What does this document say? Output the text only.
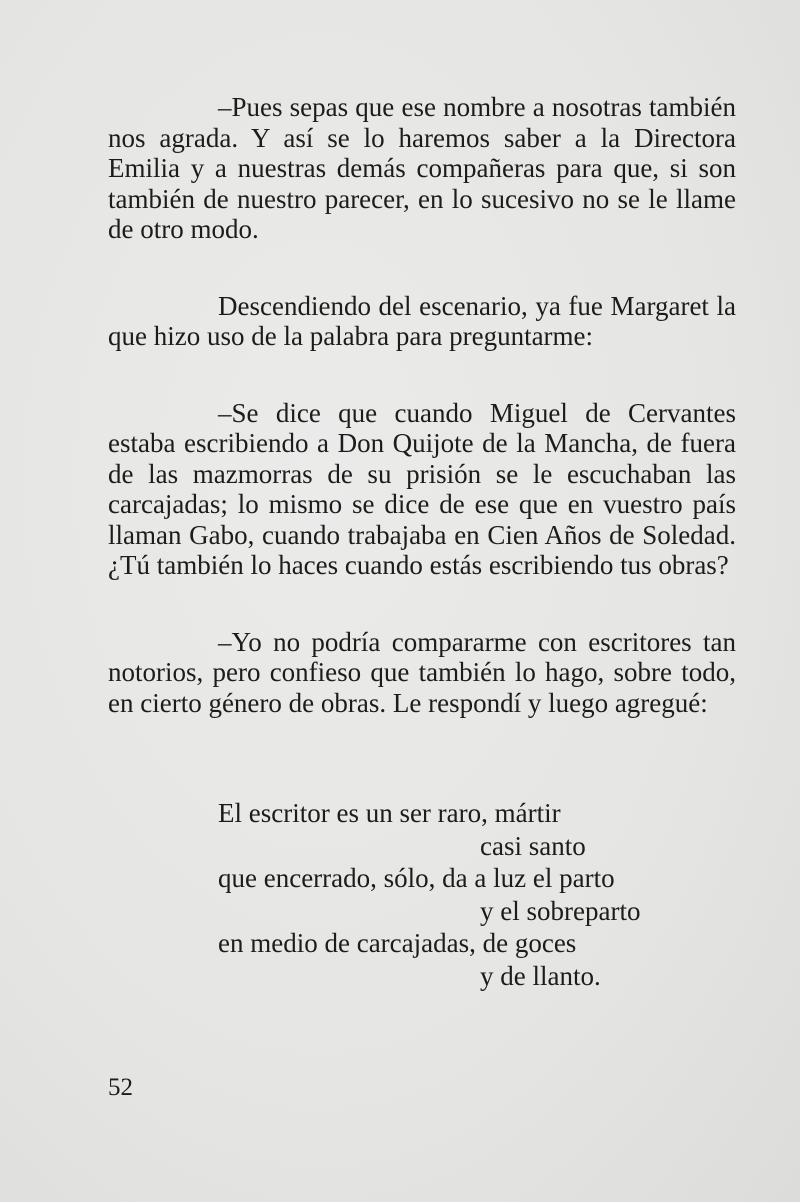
–Pues sepas que ese nombre a nosotras también nos agrada. Y así se lo haremos saber a la Directora Emilia y a nuestras demás compañeras para que, si son también de nuestro parecer, en lo sucesivo no se le llame de otro modo.

Descendiendo del escenario, ya fue Margaret la que hizo uso de la palabra para preguntarme:

–Se dice que cuando Miguel de Cervantes estaba escribiendo a Don Quijote de la Mancha, de fuera de las mazmorras de su prisión se le escuchaban las carcajadas; lo mismo se dice de ese que en vuestro país llaman Gabo, cuando trabajaba en Cien Años de Soledad. ¿Tú también lo haces cuando estás escribiendo tus obras?

–Yo no podría compararme con escritores tan notorios, pero confieso que también lo hago, sobre todo, en cierto género de obras. Le respondí y luego agregué:

El escritor es un ser raro, mártir
casi santo
que encerrado, sólo, da a luz el parto
y el sobreparto
en medio de carcajadas, de goces
y de llanto.
52
